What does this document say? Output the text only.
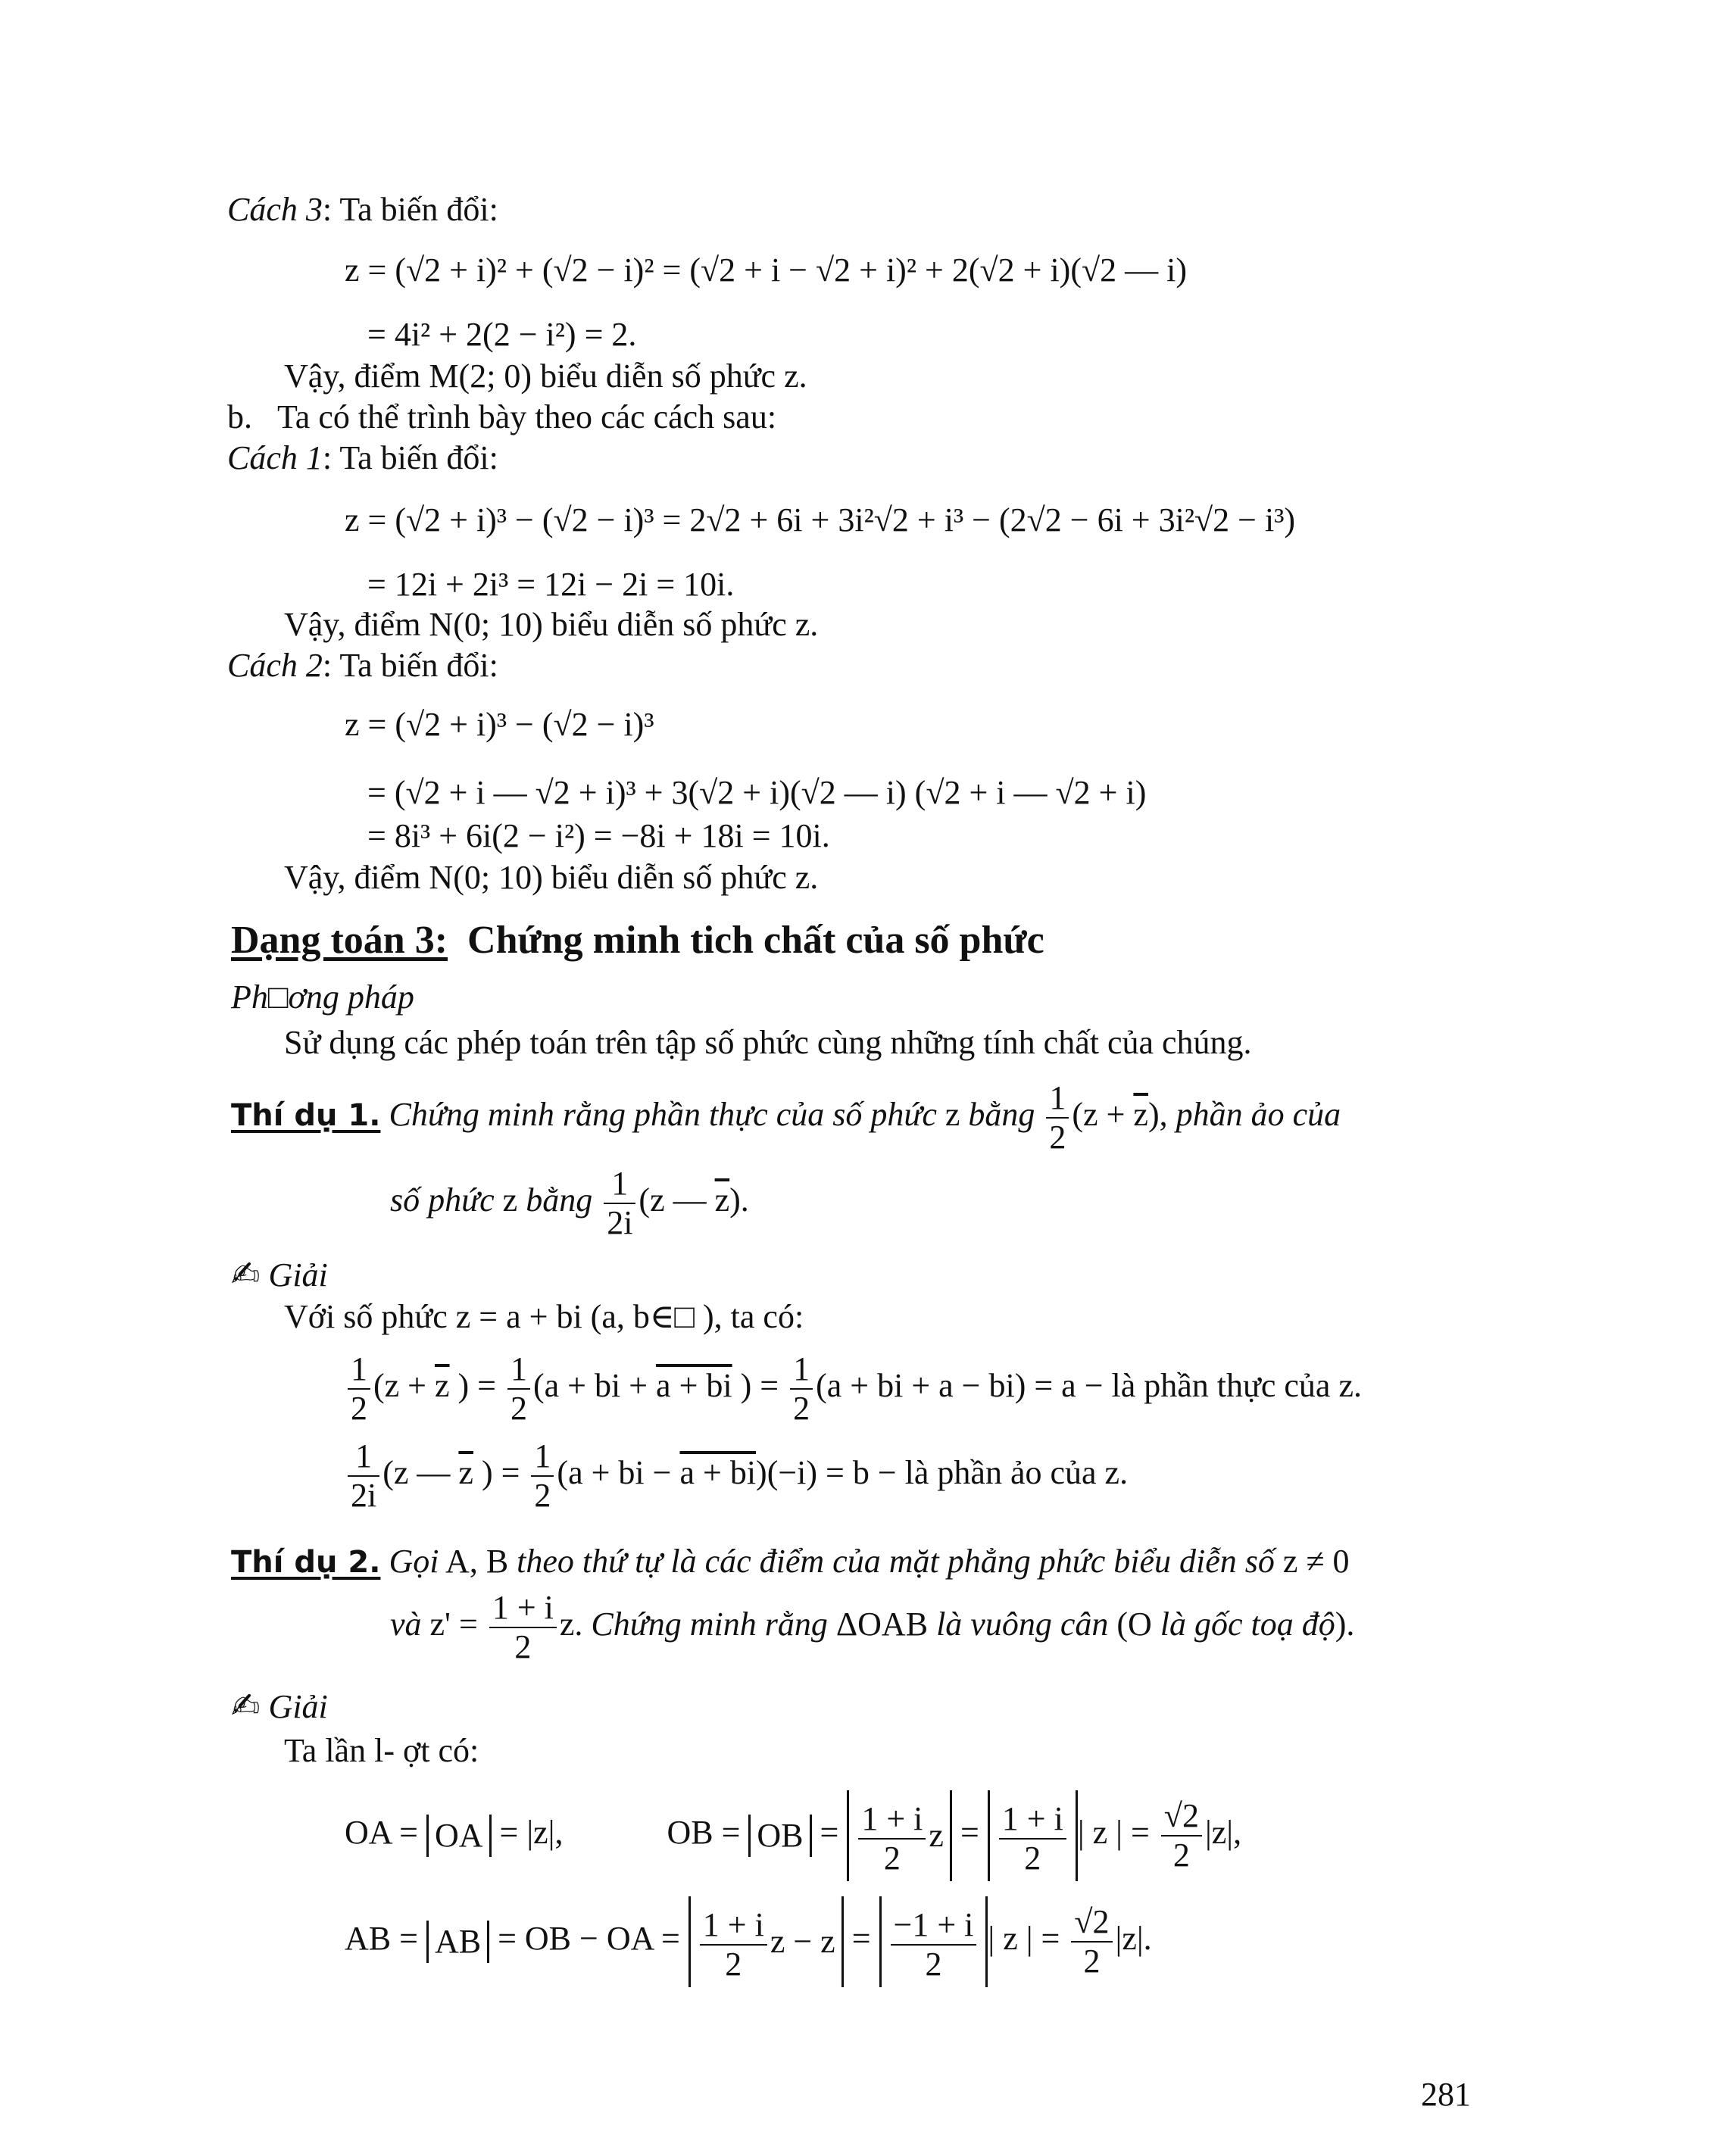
Cách 3: Ta biến đổi:
z = (√2 + i)² + (√2 − i)² = (√2 + i − √2 + i)² + 2(√2 + i)(√2 — i)
= 4i² + 2(2 − i²) = 2.
Vậy, điểm M(2; 0) biểu diễn số phức z.
b. Ta có thể trình bày theo các cách sau:
Cách 1: Ta biến đổi:
z = (√2 + i)³ − (√2 − i)³ = 2√2 + 6i + 3i²√2 + i³ − (2√2 − 6i + 3i²√2 − i³)
= 12i + 2i³ = 12i − 2i = 10i.
Vậy, điểm N(0; 10) biểu diễn số phức z.
Cách 2: Ta biến đổi:
z = (√2 + i)³ − (√2 − i)³
= (√2 + i — √2 + i)³ + 3(√2 + i)(√2 — i) (√2 + i — √2 + i)
= 8i³ + 6i(2 − i²) = −8i + 18i = 10i.
Vậy, điểm N(0; 10) biểu diễn số phức z.
Dạng toán 3: Chứng minh tich chất của số phức
Ph□ơng pháp
Sử dụng các phép toán trên tập số phức cùng những tính chất của chúng.
Thí dụ 1. Chứng minh rằng phần thực của số phức z bằng $\frac{1}{2} (z + \overline{z})$, phần ảo của
số phức z bằng $\frac{1}{2i} (z$ — $\overline{z}$).
✍ Giải
Với số phức z = a + bi (a, b∈□ ), ta có:
$\frac{1}{2} (z + \overline{z}$ ) = $\frac{1}{2} (a$ + bi + a + bi ) = $\frac{1}{2} (a$ + bi + a − bi) = a − là phần thực của z.
$\frac{1}{2i} (z$ — $\overline{z}$ ) = $\frac{1}{2} (a$ + bi − a + bi)(−i) = b − là phần ảo của z.
Thí dụ 2. Gọi A, B theo thứ tự là các điểm của mặt phẳng phức biểu diễn số z ≠ 0
và $z' = \frac{1 + i}{2} z$. Chứng minh rằng ΔOAB là vuông cân (O là gốc toạ độ).
✍ Giải
Ta lần l- ợt có:
OA = OA = |z|,	OB = OB = $\frac{1 + i}{2}$ $z = \frac{1 + i}{2}$ | z | = $\frac{√2}{2} |z|$,
AB = AB = OB − OA = $\frac{1 + i}{2}$ $z - z = \frac{-1 + i}{2}$ | z | = $\frac{√2}{2} |z|$.
281
